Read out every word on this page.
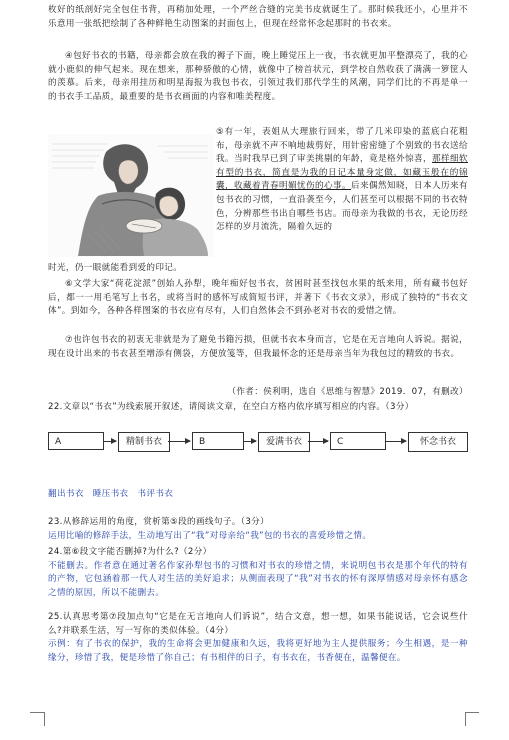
枚好的纸剖好完全包住书背，再稍加处理，一个严丝合缝的完美书皮就诞生了。那时候我还小，心里并不乐意用一张纸把绘制了各种鲜艳生动图案的封面包上，但现在经常怀念起那时的书衣来。

④包好书衣的书籍，母亲都会放在我的褥子下面，晚上睡觉压上一夜，书衣就更加平整漂亮了，我的心就小鹿似的伸气起来。现在想来，那种骄傲的心情，就像中了榜首状元，到学校自然收获了满满一箩筐人的羡慕。后来，母亲用挂历和明星海报为我包书衣，引领过我们那代学生的风潮，同学们比的不再是单一的书衣手工品质，最重要的是书衣画面的内容和唯美程度。

⑤有一年，表姐从大理旅行回来，带了几米印染的蓝底白花粗布，母亲就不声不响地裁剪好，用针密密缝了个别致的书衣送给我。当时我早已到了审美挑剔的年龄，竟是格外惊喜，那样细软有型的书衣，简直是为我的日记本量身定做，如藏玉般在的锦囊，收藏着青春明媚忧伤的心事。后来偶然知晓，日本人历来有包书衣的习惯，一直沿袭至今，人们甚至可以根据不同的书衣特色，分辨那些书出自哪些书店。而母亲为我做的书衣，无论历经怎样的岁月流洗，隔着久远的

时光，仍一眼就能看到爱的印记。

⑥文学大家“荷花淀派”创始人孙犁，晚年痴好包书衣，贫困时甚至找包水果的纸来用，所有藏书包好后，都一一用毛笔写上书名，或将当时的感怀写成简短书评，并著下《书衣文录》，形成了独特的“书衣文体”。到如今，各种各样图案的书衣应有尽有，人们自然体会不到孙老对书衣的爱惜之情。

⑦也许包书衣的初衷无非就是为了避免书籍污损，但就书衣本身而言，它是在无言地向人诉说。据说，现在设计出来的书衣甚至增添有侧袋，方便放笺等，但我最怀念的还是母亲当年为我包过的精致的书衣。

（作者：侯利明，选自《思维与智慧》2019．07，有删改）

22.文章以“书衣”为线索展开叙述，请阅读文章，在空白方格内依序填写相应的内容。（3分）

A	精制书衣	B	爱满书衣	C	怀念书衣

翻出书衣　睡压书衣　书评书衣

23.从修辞运用的角度，赏析第⑤段的画线句子。（3分）

运用比喻的修辞手法，生动地写出了“我”对母亲给“我”包的书衣的喜爱珍惜之情。

24.第⑥段文字能否删掉?为什么?（2分）

不能删去。作者意在通过著名作家孙犁包书的习惯和对书衣的珍惜之情，来说明包书衣是那个年代的特有的产物，它包涵着那一代人对生活的美好追求；从侧面表现了“我”对书衣的怀有深厚情感对母亲怀有感念之情的原因，所以不能删去。

25.认真思考第⑦段加点句“它是在无言地向人们诉说”，结合文意，想一想，如果书能说话，它会说些什么?并联系生活，写一写你的类似体验。（4分）

示例：有了书衣的保护，我的生命将会更加健康和久远，我将更好地为主人提供服务；今生相遇，是一种缘分，珍惜了我，便是珍惜了你自己；有书相伴的日子，有书衣在，书香便在，温馨便在。
